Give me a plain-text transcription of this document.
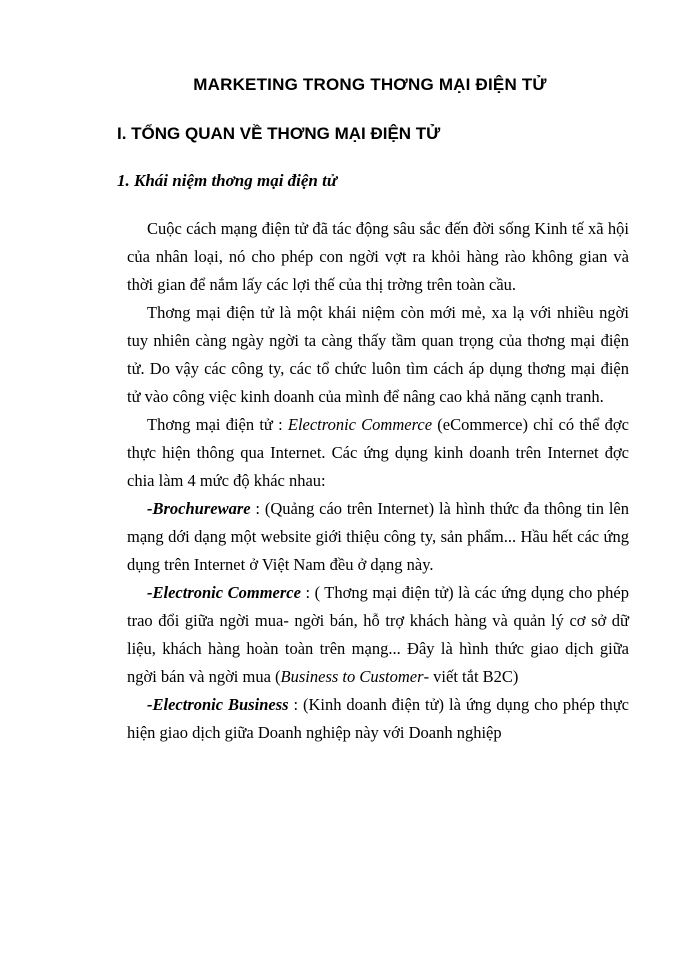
MARKETING TRONG THƠNG MẠI ĐIỆN TỬ
I. TỔNG QUAN VỀ THƠNG MẠI ĐIỆN TỬ
1. Khái niệm thơng mại điện tử

Cuộc cách mạng điện tử đã tác động sâu sắc đến đời sống Kinh tế xã hội của nhân loại, nó cho phép con ngời vợt ra khỏi hàng rào không gian và thời gian để nắm lấy các lợi thế của thị trờng trên toàn cầu.

Thơng mại điện tử là một khái niệm còn mới mẻ, xa lạ với nhiều ngời tuy nhiên càng ngày ngời ta càng thấy tầm quan trọng của thơng mại điện tử. Do vậy các công ty, các tổ chức luôn tìm cách áp dụng thơng mại điện tử vào công việc kinh doanh của mình để nâng cao khả năng cạnh tranh.

Thơng mại điện tử : Electronic Commerce (eCommerce) chỉ có thể đợc thực hiện thông qua Internet. Các ứng dụng kinh doanh trên Internet đợc chia làm 4 mức độ khác nhau:

-Brochureware : (Quảng cáo trên Internet) là hình thức đa thông tin lên mạng dới dạng một website giới thiệu công ty, sản phẩm... Hầu hết các ứng dụng trên Internet ở Việt Nam đều ở dạng này.

-Electronic Commerce : ( Thơng mại điện tử) là các ứng dụng cho phép trao đổi giữa ngời mua- ngời bán, hỗ trợ khách hàng và quản lý cơ sở dữ liệu, khách hàng hoàn toàn trên mạng... Đây là hình thức giao dịch giữa ngời bán và ngời mua (Business to Customer- viết tắt B2C)

-Electronic Business : (Kinh doanh điện tử) là ứng dụng cho phép thực hiện giao dịch giữa Doanh nghiệp này với Doanh nghiệp
